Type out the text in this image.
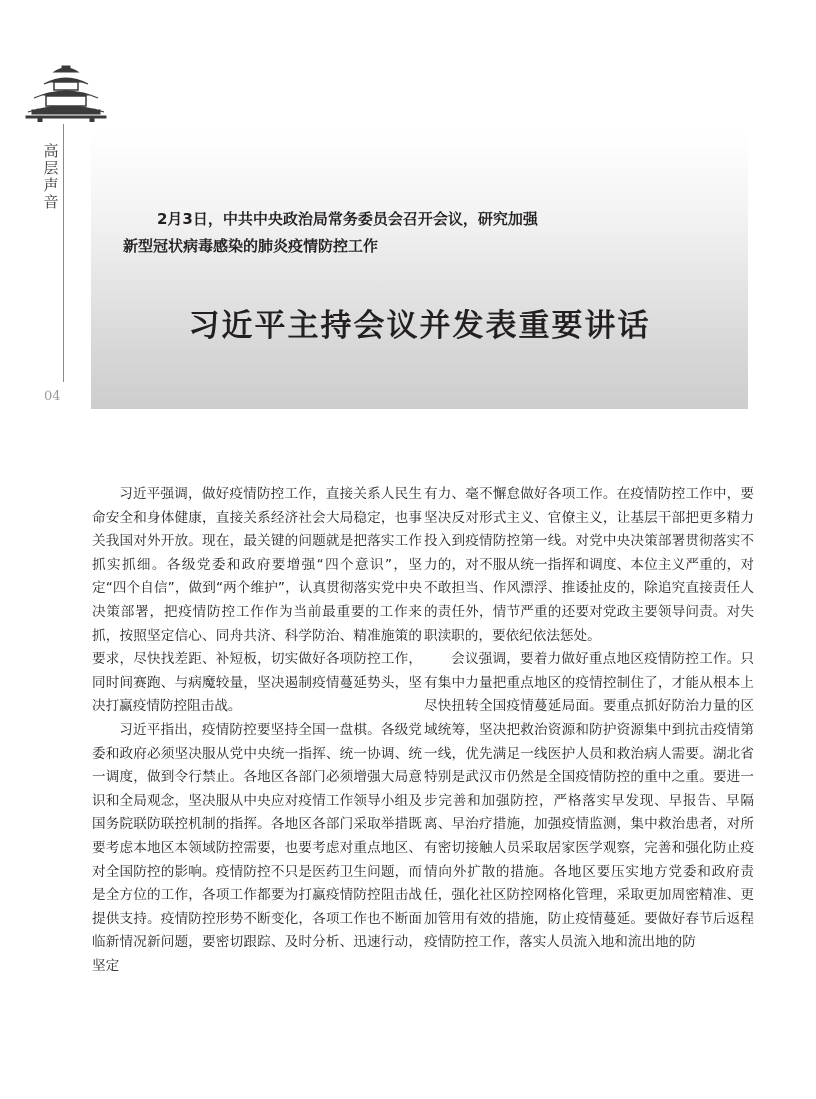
高
层
声
音
04
2月3日，中共中央政治局常务委员会召开会议，研究加强
新型冠状病毒感染的肺炎疫情防控工作
习近平主持会议并发表重要讲话

习近平强调，做好疫情防控工作，直接关系人民生命安全和身体健康，直接关系经济社会大局稳定，也事关我国对外开放。现在，最关键的问题就是把落实工作抓实抓细。各级党委和政府要增强“四个意识”，坚定“四个自信”，做到“两个维护”，认真贯彻落实党中央决策部署，把疫情防控工作作为当前最重要的工作来抓，按照坚定信心、同舟共济、科学防治、精准施策的要求，尽快找差距、补短板，切实做好各项防控工作，同时间赛跑、与病魔较量，坚决遏制疫情蔓延势头，坚决打赢疫情防控阻击战。

习近平指出，疫情防控要坚持全国一盘棋。各级党委和政府必须坚决服从党中央统一指挥、统一协调、统一调度，做到令行禁止。各地区各部门必须增强大局意识和全局观念，坚决服从中央应对疫情工作领导小组及国务院联防联控机制的指挥。各地区各部门采取举措既要考虑本地区本领域防控需要，也要考虑对重点地区、对全国防控的影响。疫情防控不只是医药卫生问题，而是全方位的工作，各项工作都要为打赢疫情防控阻击战提供支持。疫情防控形势不断变化，各项工作也不断面临新情况新问题，要密切跟踪、及时分析、迅速行动，坚定

有力、毫不懈怠做好各项工作。在疫情防控工作中，要坚决反对形式主义、官僚主义，让基层干部把更多精力投入到疫情防控第一线。对党中央决策部署贯彻落实不力的，对不服从统一指挥和调度、本位主义严重的，对不敢担当、作风漂浮、推诿扯皮的，除追究直接责任人的责任外，情节严重的还要对党政主要领导问责。对失职渎职的，要依纪依法惩处。

会议强调，要着力做好重点地区疫情防控工作。只有集中力量把重点地区的疫情控制住了，才能从根本上尽快扭转全国疫情蔓延局面。要重点抓好防治力量的区域统筹，坚决把救治资源和防护资源集中到抗击疫情第一线，优先满足一线医护人员和救治病人需要。湖北省特别是武汉市仍然是全国疫情防控的重中之重。要进一步完善和加强防控，严格落实早发现、早报告、早隔离、早治疗措施，加强疫情监测，集中救治患者，对所有密切接触人员采取居家医学观察，完善和强化防止疫情向外扩散的措施。各地区要压实地方党委和政府责任，强化社区防控网格化管理，采取更加周密精准、更加管用有效的措施，防止疫情蔓延。要做好春节后返程疫情防控工作，落实人员流入地和流出地的防
